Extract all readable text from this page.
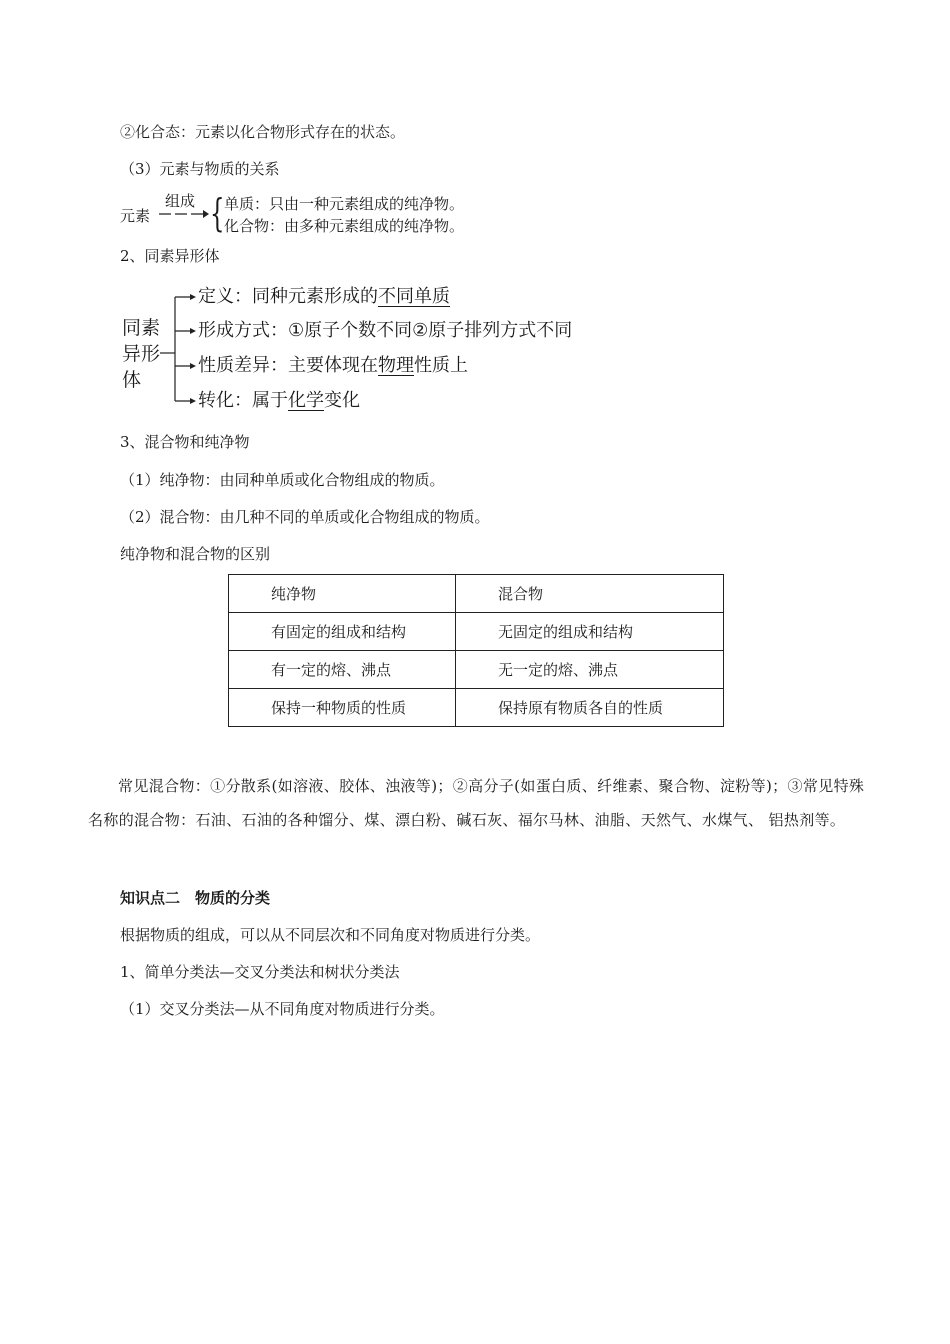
②化合态：元素以化合物形式存在的状态。
（3）元素与物质的关系
元素
组成 { 单质：只由一种元素组成的纯净物。
化合物：由多种元素组成的纯净物。
2、同素异形体
同素异形体
定义：同种元素形成的不同单质
形成方式：①原子个数不同②原子排列方式不同
性质差异：主要体现在物理性质上
转化：属于化学变化
3、混合物和纯净物
（1）纯净物：由同种单质或化合物组成的物质。
（2）混合物：由几种不同的单质或化合物组成的物质。
纯净物和混合物的区别
纯净物	混合物
有固定的组成和结构	无固定的组成和结构
有一定的熔、沸点	无一定的熔、沸点
保持一种物质的性质	保持原有物质各自的性质
常见混合物：①分散系(如溶液、胶体、浊液等)；②高分子(如蛋白质、纤维素、聚合物、淀粉等)；③常见特殊名称的混合物：石油、石油的各种馏分、煤、漂白粉、碱石灰、福尔马林、油脂、天然气、水煤气、 铝热剂等。
知识点二　物质的分类
根据物质的组成，可以从不同层次和不同角度对物质进行分类。
1、简单分类法—交叉分类法和树状分类法
（1）交叉分类法—从不同角度对物质进行分类。
